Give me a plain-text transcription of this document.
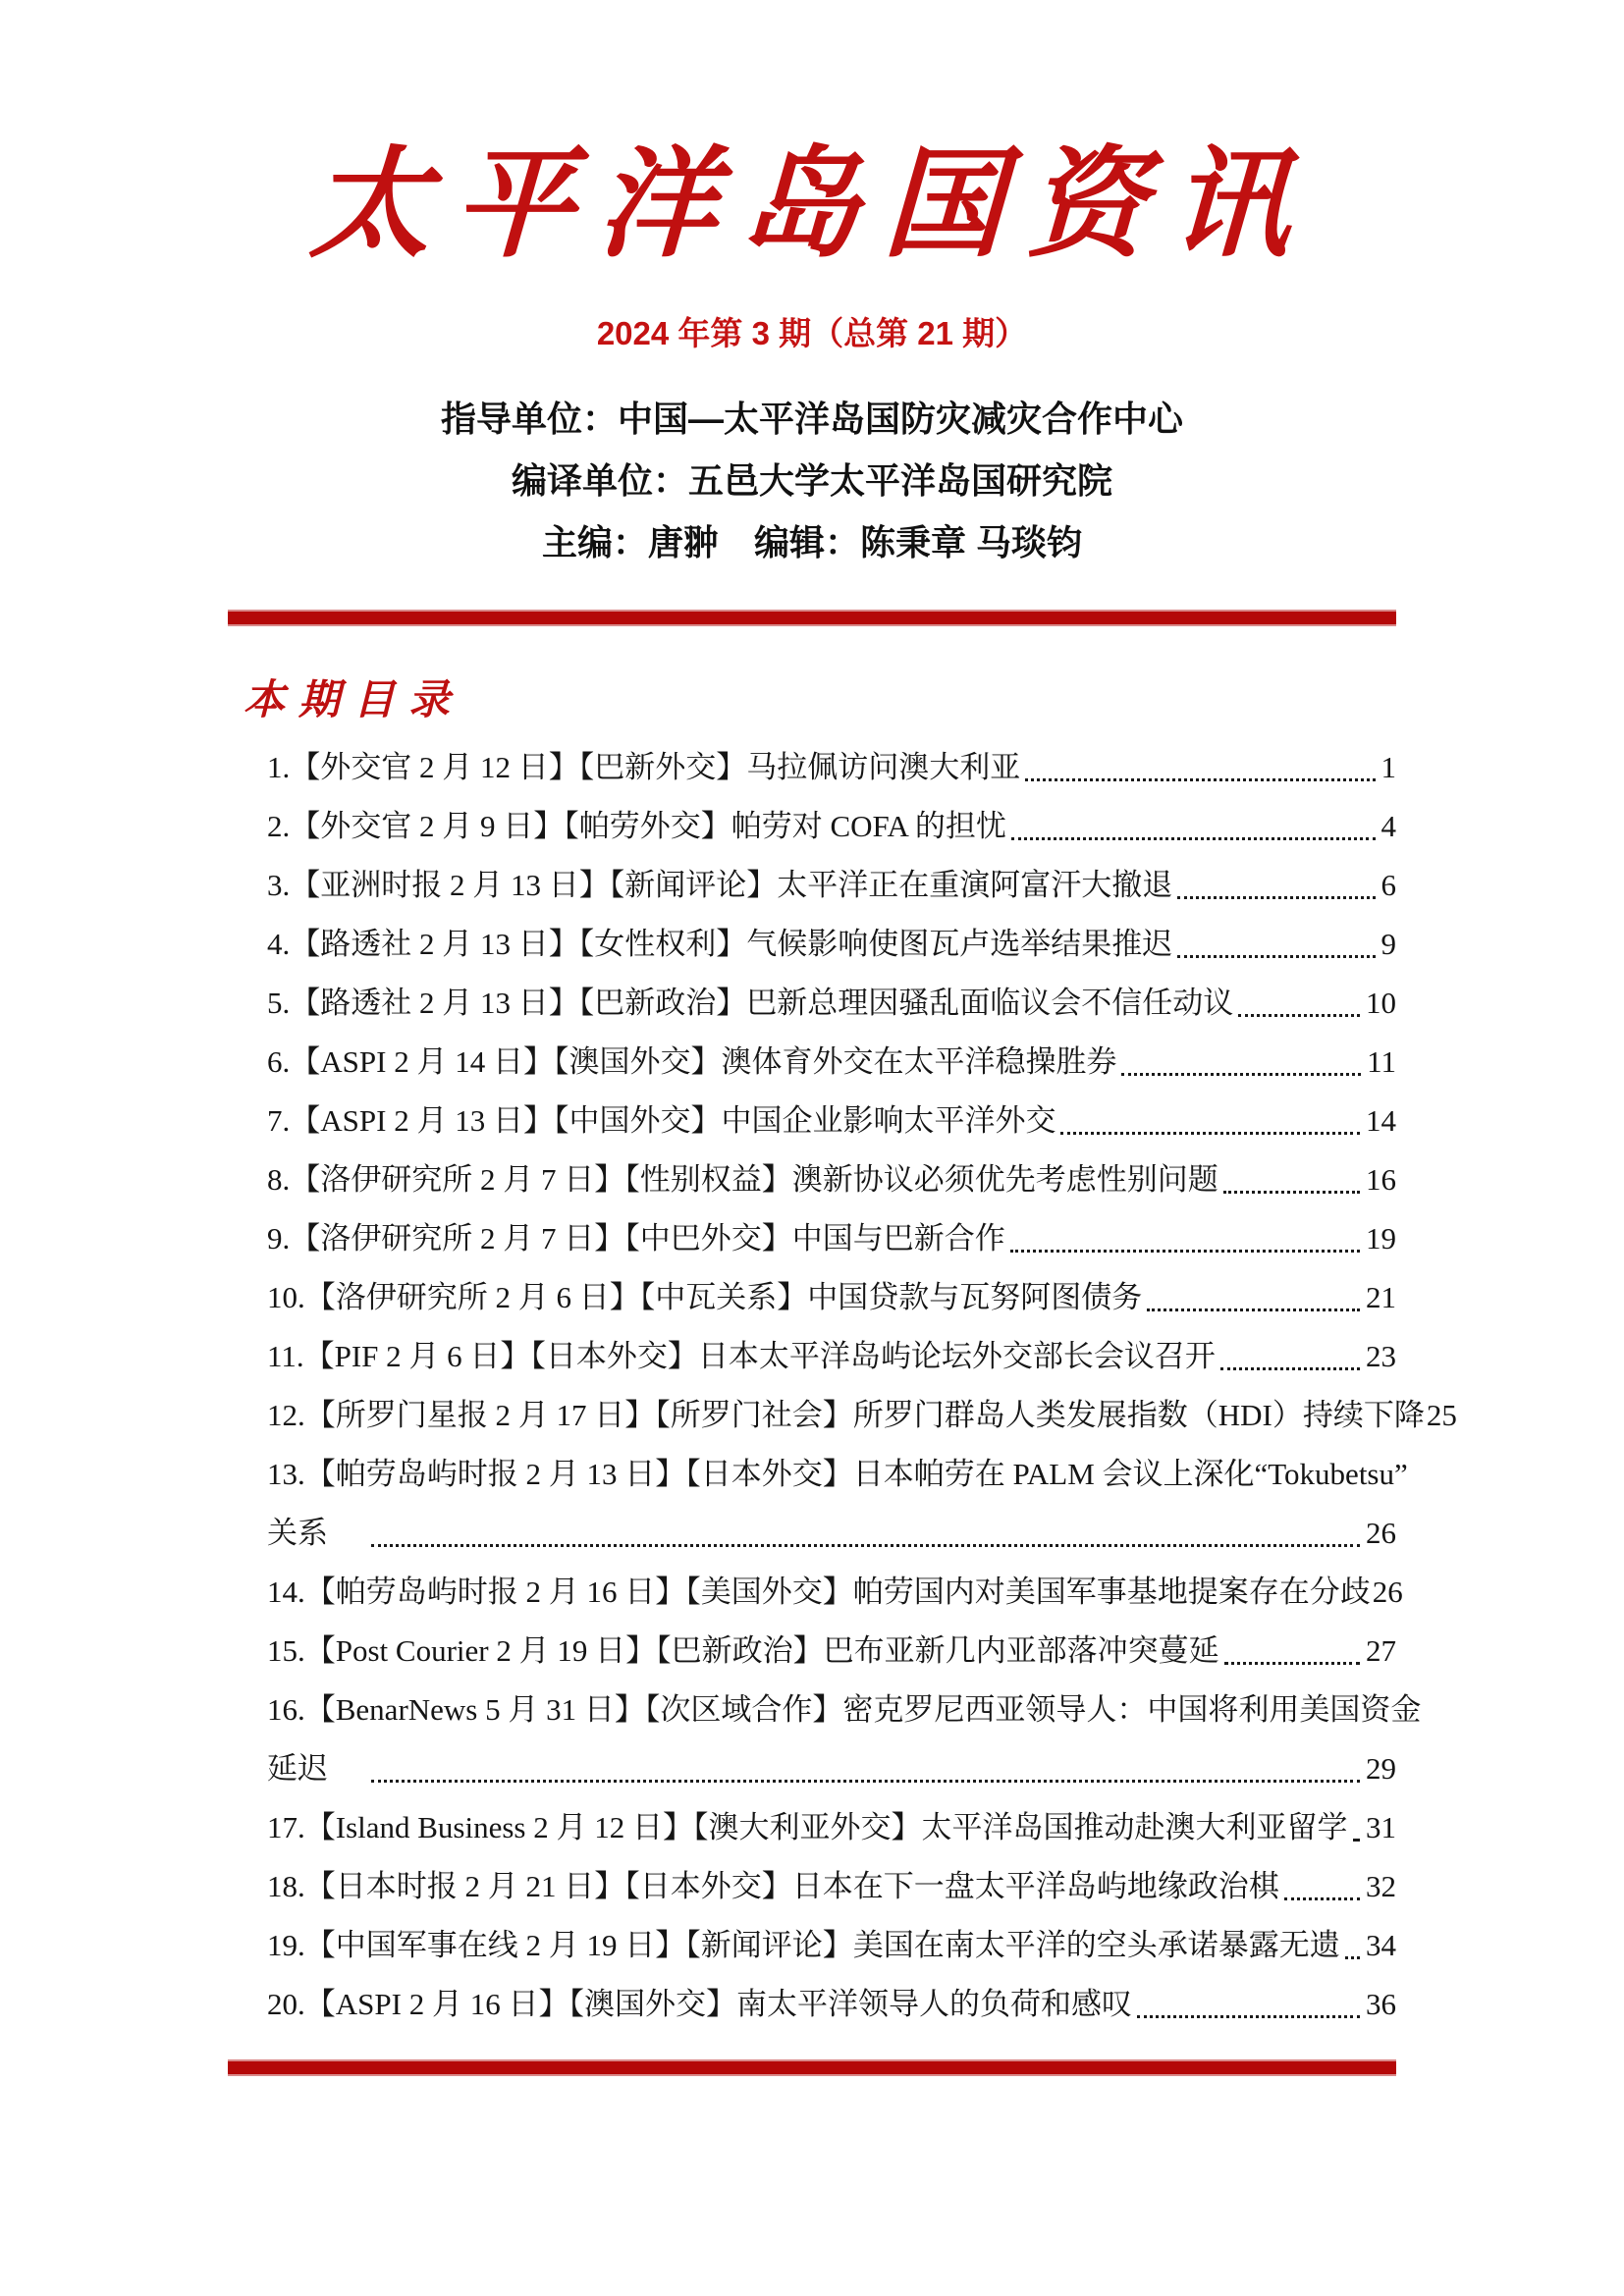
太平洋岛国资讯
2024 年第 3 期（总第 21 期）
指导单位：中国—太平洋岛国防灾减灾合作中心
编译单位：五邑大学太平洋岛国研究院
主编：唐翀　编辑：陈秉章 马琰钧
本期目录
1.【外交官 2 月 12 日】【巴新外交】马拉佩访问澳大利亚	1
2.【外交官 2 月 9 日】【帕劳外交】帕劳对 COFA 的担忧	4
3.【亚洲时报 2 月 13 日】【新闻评论】太平洋正在重演阿富汗大撤退	6
4.【路透社 2 月 13 日】【女性权利】气候影响使图瓦卢选举结果推迟	9
5.【路透社 2 月 13 日】【巴新政治】巴新总理因骚乱面临议会不信任动议	10
6.【ASPI 2 月 14 日】【澳国外交】澳体育外交在太平洋稳操胜券	11
7.【ASPI 2 月 13 日】【中国外交】中国企业影响太平洋外交	14
8.【洛伊研究所 2 月 7 日】【性别权益】澳新协议必须优先考虑性别问题	16
9.【洛伊研究所 2 月 7 日】【中巴外交】中国与巴新合作	19
10.【洛伊研究所 2 月 6 日】【中瓦关系】中国贷款与瓦努阿图债务	21
11.【PIF 2 月 6 日】【日本外交】日本太平洋岛屿论坛外交部长会议召开	23
12.【所罗门星报 2 月 17 日】【所罗门社会】所罗门群岛人类发展指数（HDI）持续下降 25
13.【帕劳岛屿时报 2 月 13 日】【日本外交】日本帕劳在 PALM 会议上深化“Tokubetsu”
关系	26
14.【帕劳岛屿时报 2 月 16 日】【美国外交】帕劳国内对美国军事基地提案存在分歧 26
15.【Post Courier 2 月 19 日】【巴新政治】巴布亚新几内亚部落冲突蔓延	27
16.【BenarNews 5 月 31 日】【次区域合作】密克罗尼西亚领导人：中国将利用美国资金
延迟	29
17.【Island Business 2 月 12 日】【澳大利亚外交】太平洋岛国推动赴澳大利亚留学 31
18.【日本时报 2 月 21 日】【日本外交】日本在下一盘太平洋岛屿地缘政治棋	32
19.【中国军事在线 2 月 19 日】【新闻评论】美国在南太平洋的空头承诺暴露无遗 34
20.【ASPI 2 月 16 日】【澳国外交】南太平洋领导人的负荷和感叹	36
